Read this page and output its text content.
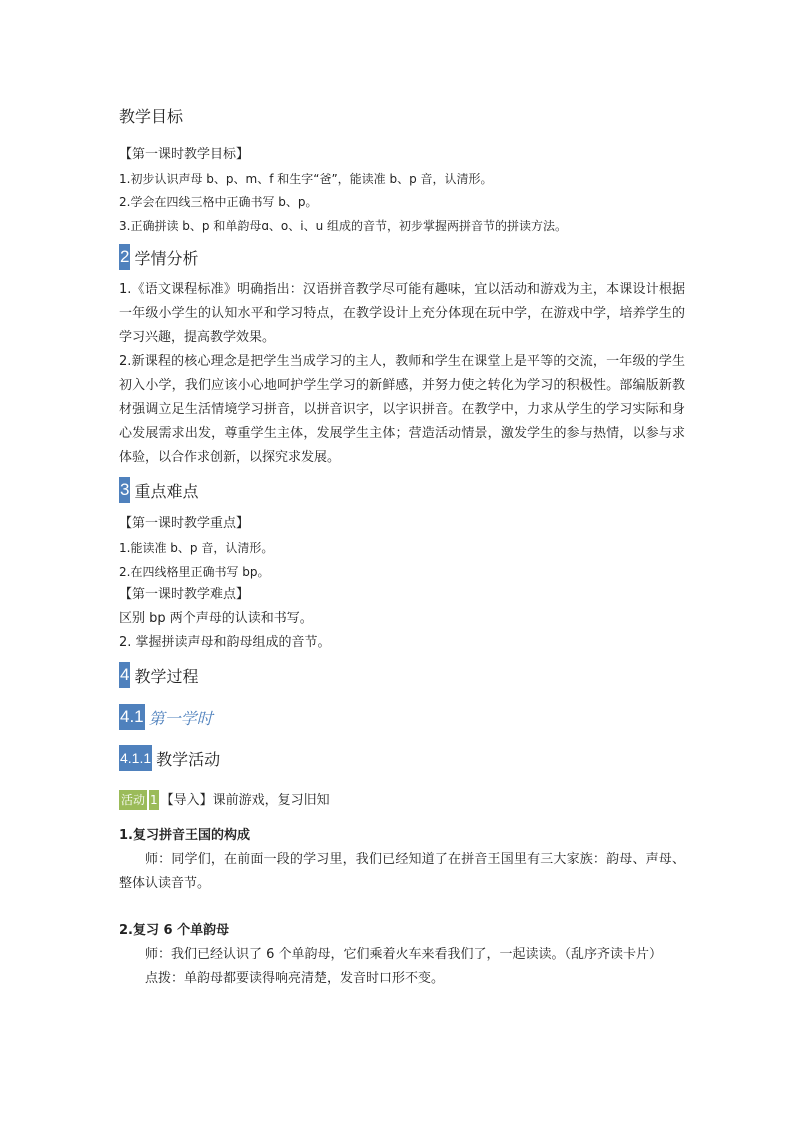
教学目标
【第一课时教学目标】
1.初步认识声母 b、p、m、f 和生字“爸”，能读准 b、p 音，认清形。
2.学会在四线三格中正确书写 b、p。
3.正确拼读 b、p 和单韵母ɑ、o、i、u 组成的音节，初步掌握两拼音节的拼读方法。
2 学情分析

1.《语文课程标准》明确指出：汉语拼音教学尽可能有趣味，宜以活动和游戏为主，本课设计根据一年级小学生的认知水平和学习特点，在教学设计上充分体现在玩中学，在游戏中学，培养学生的学习兴趣，提高教学效果。

2.新课程的核心理念是把学生当成学习的主人，教师和学生在课堂上是平等的交流，一年级的学生初入小学，我们应该小心地呵护学生学习的新鲜感，并努力使之转化为学习的积极性。部编版新教材强调立足生活情境学习拼音，以拼音识字，以字识拼音。在教学中，力求从学生的学习实际和身心发展需求出发，尊重学生主体，发展学生主体；营造活动情景，激发学生的参与热情，以参与求体验，以合作求创新，以探究求发展。

3 重点难点
【第一课时教学重点】
1.能读准 b、p 音，认清形。
2.在四线格里正确书写 bp。
【第一课时教学难点】
区别 bp 两个声母的认读和书写。
2. 掌握拼读声母和韵母组成的音节。
4 教学过程
4.1 第一学时
4.1.1 教学活动
活动 1 【导入】课前游戏，复习旧知
1.复习拼音王国的构成

师：同学们，在前面一段的学习里，我们已经知道了在拼音王国里有三大家族：韵母、声母、整体认读音节。

2.复习 6 个单韵母
师：我们已经认识了 6 个单韵母，它们乘着火车来看我们了，一起读读。（乱序齐读卡片）
点拨：单韵母都要读得响亮清楚，发音时口形不变。
